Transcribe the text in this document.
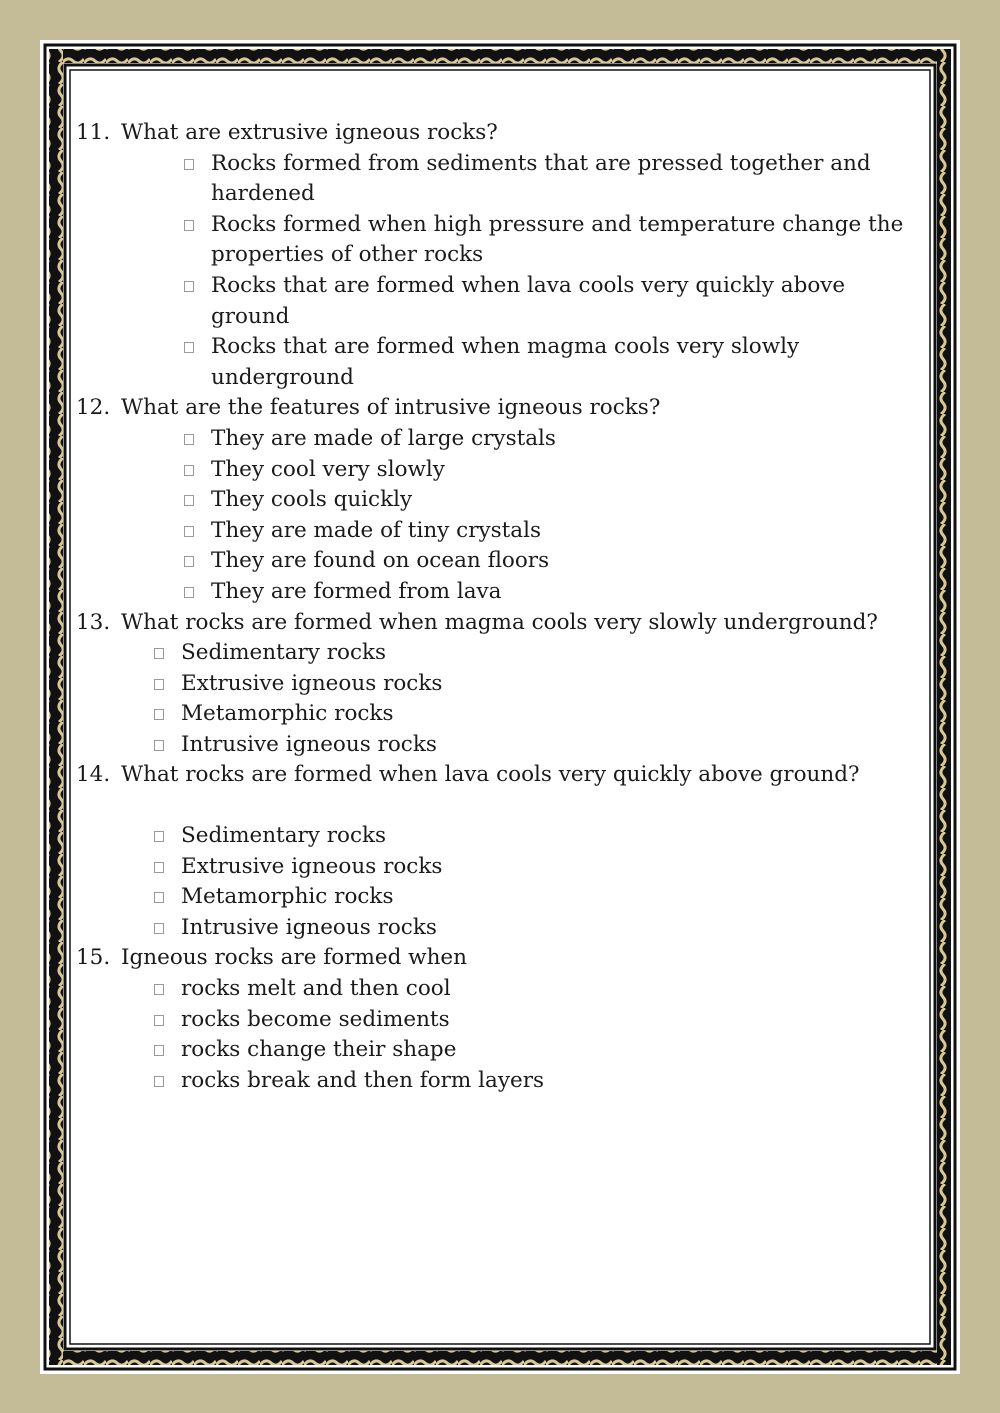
11. What are extrusive igneous rocks?
Rocks formed from sediments that are pressed together and hardened
Rocks formed when high pressure and temperature change the properties of other rocks
Rocks that are formed when lava cools very quickly above ground
Rocks that are formed when magma cools very slowly underground
12. What are the features of intrusive igneous rocks?
They are made of large crystals
They cool very slowly
They cools quickly
They are made of tiny crystals
They are found on ocean floors
They are formed from lava
13. What rocks are formed when magma cools very slowly underground?
Sedimentary rocks
Extrusive igneous rocks
Metamorphic rocks
Intrusive igneous rocks
14. What rocks are formed when lava cools very quickly above ground?
Sedimentary rocks
Extrusive igneous rocks
Metamorphic rocks
Intrusive igneous rocks
15. Igneous rocks are formed when
rocks melt and then cool
rocks become sediments
rocks change their shape
rocks break and then form layers
